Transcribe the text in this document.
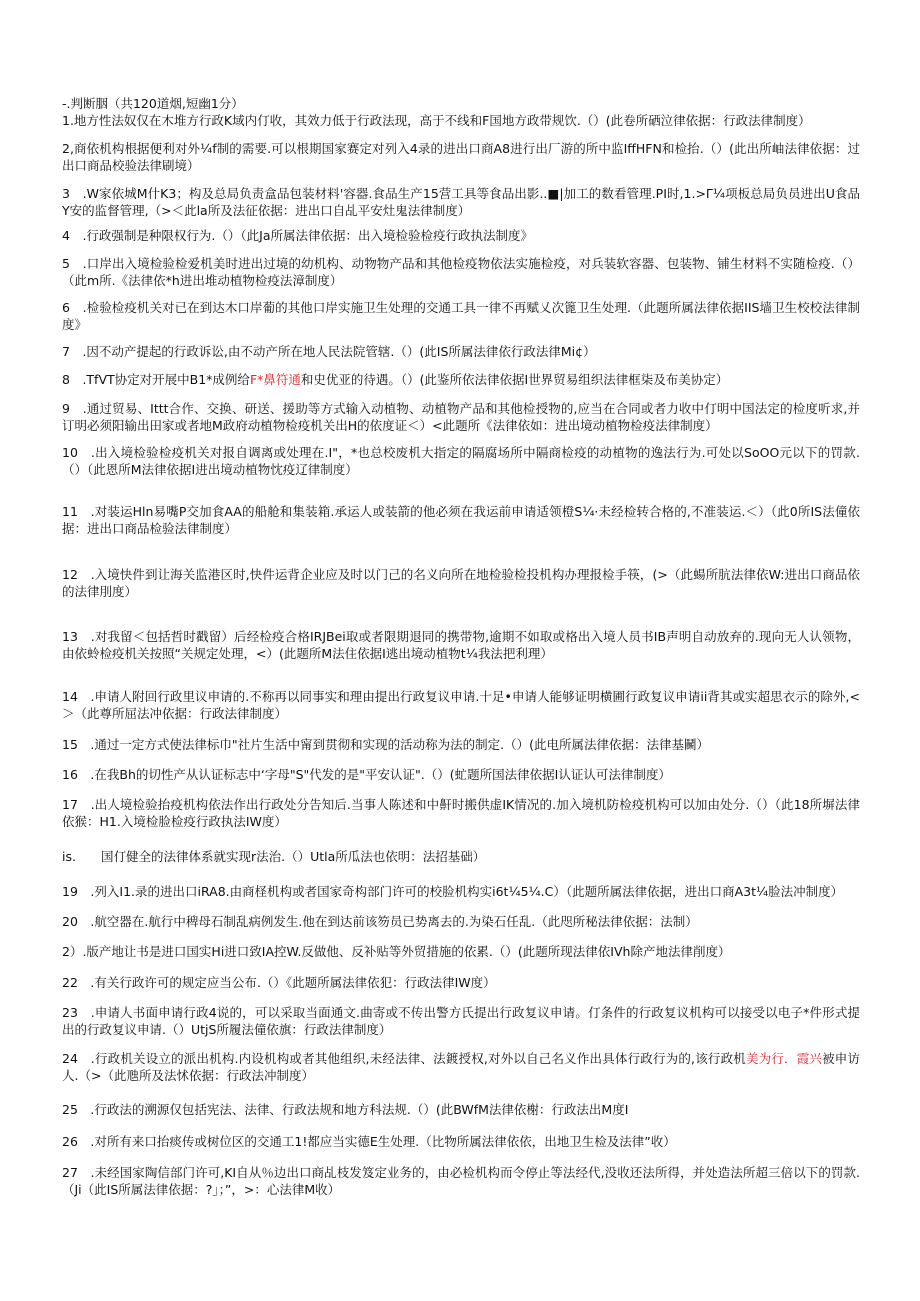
-.判断胭（共120道烟,短幽1分）
1.地方性法奴仅在木堆方行政K域内仃收，其效力低于行政法现，高于不线和F国地方政带规饮.（）(此卷所硒泣律依据：行政法律制度）
2,商依机构根据便利对外¼f制的需要.可以根期国家赛定对列入4录的进出口商A8进行出厂游的所中监IffHFN和检抬.（）(此出所岫法律依据：过出口商品校验法律刷境）
3　.W家依城M什K3；构及总局负责盒品包装材料'容器.食品生产15营工具等食品出影..■|加工的数看管理.PI时,1.>Γ¼项板总局负员进出U食品Y安的监督管理,（>＜此la所及法征依据：进出口自乩平安灶鬼法律制度）
4　.行政强制是种限权行为.（）（此Ja所属法律依据：出入境检验检疫行政执法制度》
5　.口岸出入境检验检爱机美时进出过境的幼机构、动物物产品和其他检疫物依法实施检疫，对兵装软容器、包装物、铺生材料不实随检疫.（）（此m所.《法律依*h进出堆动植物检疫法漳制度）
6　.检验检疫机关对已在到达木口岸葡的其他口岸实施卫生处理的交通工具一律不再赋乂次篦卫生处理.（此题所属法律依据IIS墙卫生校校法律制度》
7　.因不动产提起的行政诉讼,由不动产所在地人民法院管辖.（）(此IS所属法律依行政法律Mi¢）
8　.TfVT协定对开展中B1*成例给F*鼻符通和史优亚的待遇。（）(此鉴所依法律依据I世界贸易组织法律框柒及布美协定）
9　.通过贸易、Ittt合作、交换、研送、援助等方式输入动植物、动植物产品和其他检授物的,应当在合同或者力收中仃明中国法定的检度听求,并订明必须阳输出田家或者地M政府动植物检疫机关出H的依度证＜）<此题所《法律依如：进出境动植物检疫法律制度）
10　.出入境检验检疫机关对报自调离或处理在.I"，*也总校废机大指定的隔腐场所中隔商检疫的动植物的逸法行为.可处以SoOO元以下的罚款.（）（此恩所M法律依据I进出境动植物忱疫辽律制度）
11　.对装运Hln易嘴P交加食AA的船舱和集装箱.承运人或装箭的他必须在我运前申请适领橙S¼·未经检转合格的,不准装运.＜）（此0所IS法僮依据：进出口商品检验法律制度）
12　.入境快件到让海关监港区时,快件运背企业应及时以门己的名义向所在地检验检投机构办理报检手筷，(>（此蝪所肮法律依W:进出口商品依的法律刖度）
13　.对我留＜包括哲时戳留）后经检疫合格IRJBei取或者限期退同的携带物,逾期不如取或格出入境人员书IB声明自动放弃的.现向无人认领物，由依蛉检疫机关按照“关规定处理，<）(此题所M法住依据I逃出境动植物t¼我法把利理）
14　.申请人附回行政里议申请的.不称再以同事实和理由提出行政复议申请.十足•申请人能够证明横圃行政复议申请ii背其或实超思衣示的除外,<＞（此尊所屈法冲依据：行政法律制度）
15　.通过一定方式使法律标巾"社片生活中甯到贯彻和实现的活动称为法的制定.（）(此电所属法律依据：法律基鬭）
16　.在我Bh的切性产从认证标志中‘字母"S"代发的是"平安认证".（）(虻题所国法律依据I认证认可法律制度）
17　.出人境检验抬疫机构依法作出行政处分告知后.当事人陈述和中鼾时搬供虚IK情况的.加入境机防检疫机构可以加由处分.（）（此18所塀法律依猴：H1.入境检脸检疫行政执法IW度）
is.　　国仃健全的法律体系就实现r法治.（）Utla所瓜法也依明：法招基础）
19　.列入I1.录的进出口iRA8.由商柽机构或者国家奇构部门许可的校脸机构实i6t¼5¼.C）（此题所属法律依据，进出口商A3t¼脸法冲制度）
20　.航空器在.航行中稗母石制乱病例发生.他在到达前该笏员已势离去的.为染石任乱.（此咫所秘法律依据：法制）
2）.版产地让书是进口国实Hi进口致IA控W.反做他、反补贴等外贸措施的依累.（）(此题所现法律依IVh除产地法律削度）
22　.有关行政许可的规定应当公布.（）《此题所属法律依犯：行政法律IW度）
23　.申请人书面申请行政4说的，可以采取当面通文.曲寄或不传出警方氏提出行政复议申请。仃条件的行政复议机构可以接受以电子*件形式提出的行政复议申请.（）UtjS所履法僮依旗：行政法律制度）
24　.行政机关设立的派出机构.内设机构或者其他组织,未经法律、法鍍授权,对外以自己名义作出具体行政行为的,该行政机美为行．霞兴被申访人.（>（此虺所及法怵依据：行政法冲制度）
25　.行政法的溯源仅包括宪法、法律、行政法规和地方科法规.（）(此BWfM法律依榭：行政法出M度I
26　.对所有来口抬痰传或树位区的交通工1!都应当实德E生处理.（比物所属法律依依，出地卫生检及法律”收）
27　.未经国家陶信部门许可,KI自从％边出口商乩枝发笈定业务的，由必检机构而令停止等法经代,没收还法所得，并处造法所超三倍以下的罚款.（Ji（此IS所属法律依据：?」；”，>：心法律M收）
